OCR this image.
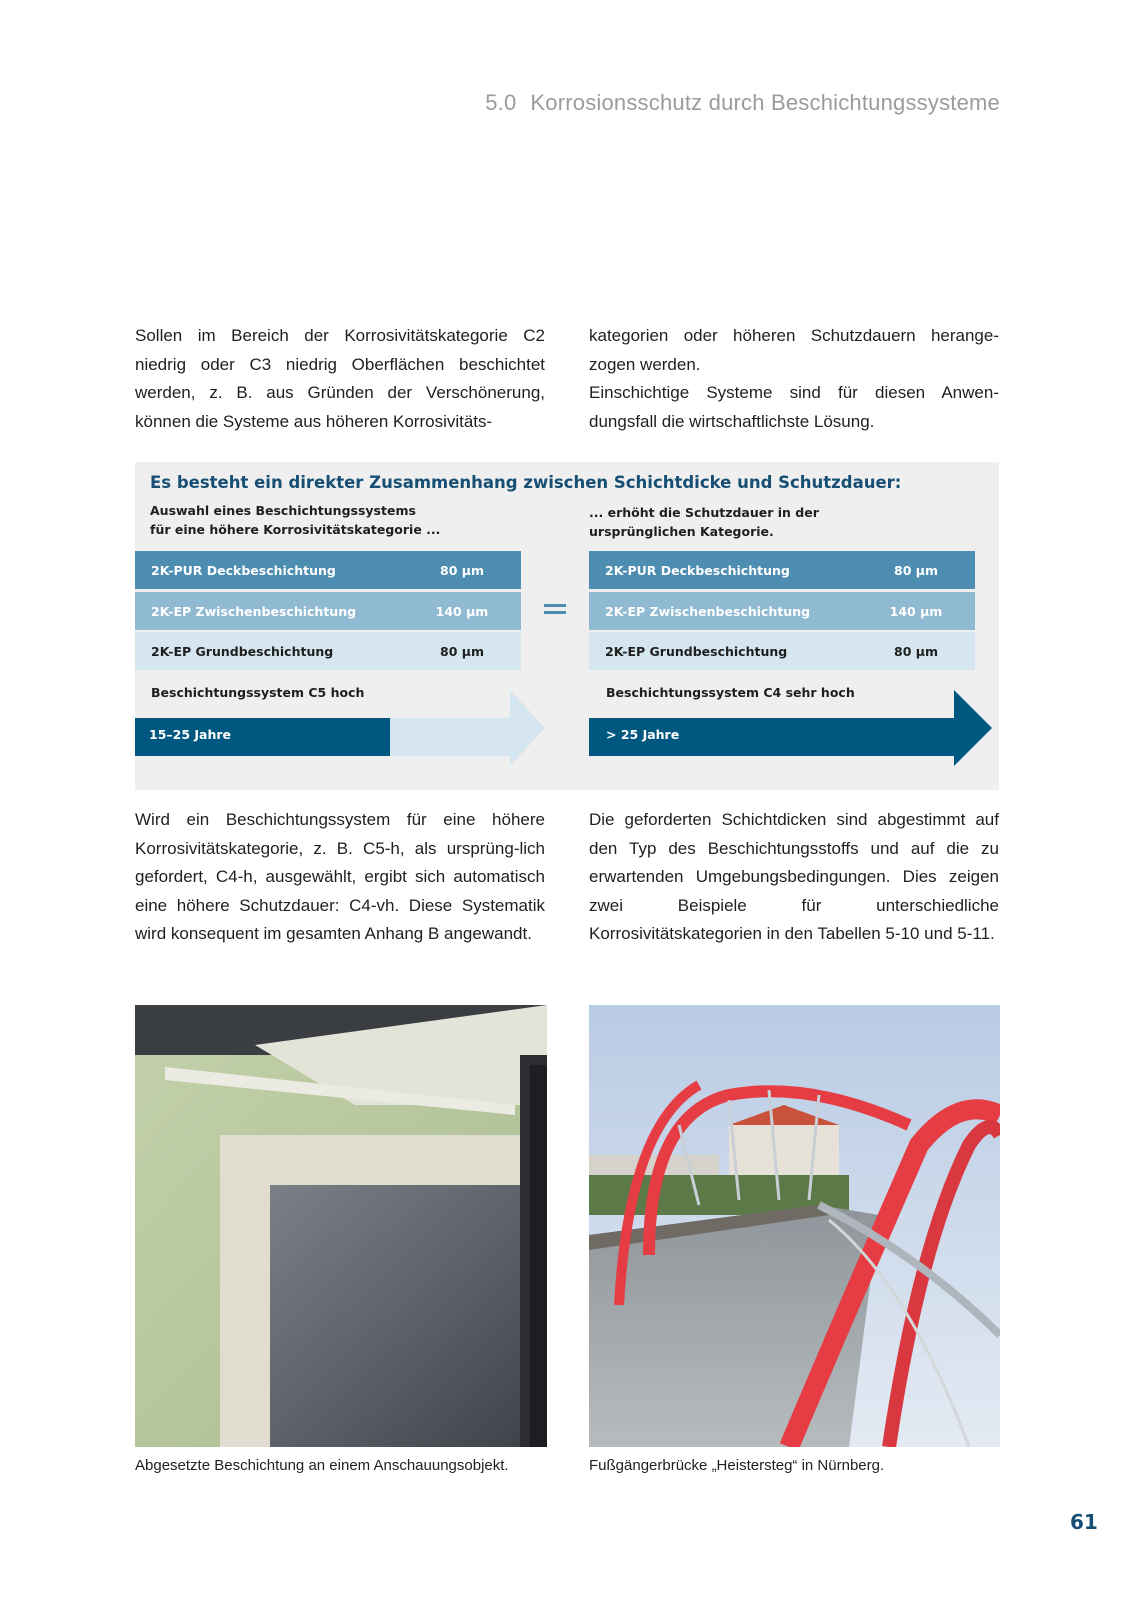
5.0 Korrosionsschutz durch Beschichtungssysteme

Sollen im Bereich der Korrosivitätskategorie C2 niedrig oder C3 niedrig Oberflächen beschichtet werden, z. B. aus Gründen der Verschönerung, können die Systeme aus höheren Korrosivitäts-

kategorien oder höheren Schutzdauern herange-zogen werden.

Einschichtige Systeme sind für diesen Anwen-dungsfall die wirtschaftlichste Lösung.

Es besteht ein direkter Zusammenhang zwischen Schichtdicke und Schutzdauer:
Auswahl eines Beschichtungssystems
für eine höhere Korrosivitätskategorie ...
... erhöht die Schutzdauer in der
ursprünglichen Kategorie.
2K-PUR Deckbeschichtung	80 µm
2K-EP Zwischenbeschichtung	140 µm
2K-EP Grundbeschichtung	80 µm
Beschichtungssystem C5 hoch
15–25 Jahre
2K-PUR Deckbeschichtung	80 µm
2K-EP Zwischenbeschichtung	140 µm
2K-EP Grundbeschichtung	80 µm
Beschichtungssystem C4 sehr hoch
> 25 Jahre

Wird ein Beschichtungssystem für eine höhere Korrosivitätskategorie, z. B. C5-h, als ursprüng-lich gefordert, C4-h, ausgewählt, ergibt sich automatisch eine höhere Schutzdauer: C4-vh. Diese Systematik wird konsequent im gesamten Anhang B angewandt.

Die geforderten Schichtdicken sind abgestimmt auf den Typ des Beschichtungsstoffs und auf die zu erwartenden Umgebungsbedingungen. Dies zeigen zwei Beispiele für unterschiedliche Korrosivitätskategorien in den Tabellen 5-10 und 5-11.

Abgesetzte Beschichtung an einem Anschauungsobjekt.	Fußgängerbrücke „Heistersteg“ in Nürnberg.
61
